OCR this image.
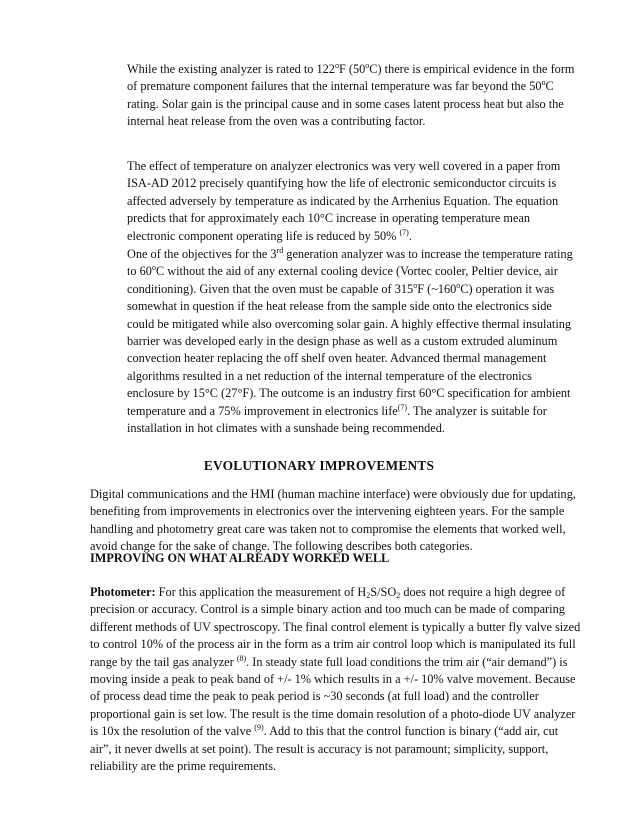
While the existing analyzer is rated to 122$^o$F (50$^o$C) there is empirical evidence in the form of premature component failures that the internal temperature was far beyond the 50$^o$C rating. Solar gain is the principal cause and in some cases latent process heat but also the internal heat release from the oven was a contributing factor.

The effect of temperature on analyzer electronics was very well covered in a paper from ISA-AD 2012 precisely quantifying how the life of electronic semiconductor circuits is affected adversely by temperature as indicated by the Arrhenius Equation. The equation predicts that for approximately each 10°C increase in operating temperature mean electronic component operating life is reduced by 50% $^{(7)}$.

One of the objectives for the 3rd generation analyzer was to increase the temperature rating to 60$^o$C without the aid of any external cooling device (Vortec cooler, Peltier device, air conditioning). Given that the oven must be capable of 315$^o$F (~160$^o$C) operation it was somewhat in question if the heat release from the sample side onto the electronics side could be mitigated while also overcoming solar gain. A highly effective thermal insulating barrier was developed early in the design phase as well as a custom extruded aluminum convection heater replacing the off shelf oven heater. Advanced thermal management algorithms resulted in a net reduction of the internal temperature of the electronics enclosure by 15°C (27°F). The outcome is an industry first 60°C specification for ambient temperature and a 75% improvement in electronics life$^{(7)}$. The analyzer is suitable for installation in hot climates with a sunshade being recommended.

EVOLUTIONARY IMPROVEMENTS

Digital communications and the HMI (human machine interface) were obviously due for updating, benefiting from improvements in electronics over the intervening eighteen years. For the sample handling and photometry great care was taken not to compromise the elements that worked well, avoid change for the sake of change. The following describes both categories.

IMPROVING ON WHAT ALREADY WORKED WELL

Photometer: For this application the measurement of $H_2S/SO_2$ does not require a high degree of precision or accuracy. Control is a simple binary action and too much can be made of comparing different methods of UV spectroscopy. The final control element is typically a butter fly valve sized to control 10% of the process air in the form as a trim air control loop which is manipulated its full range by the tail gas analyzer $^{(8)}$. In steady state full load conditions the trim air (“air demand”) is moving inside a peak to peak band of +/- 1% which results in a +/- 10% valve movement. Because of process dead time the peak to peak period is ~30 seconds (at full load) and the controller proportional gain is set low. The result is the time domain resolution of a photo-diode UV analyzer is 10x the resolution of the valve $^{(9)}$. Add to this that the control function is binary (“add air, cut air”, it never dwells at set point). The result is accuracy is not paramount; simplicity, support, reliability are the prime requirements.
